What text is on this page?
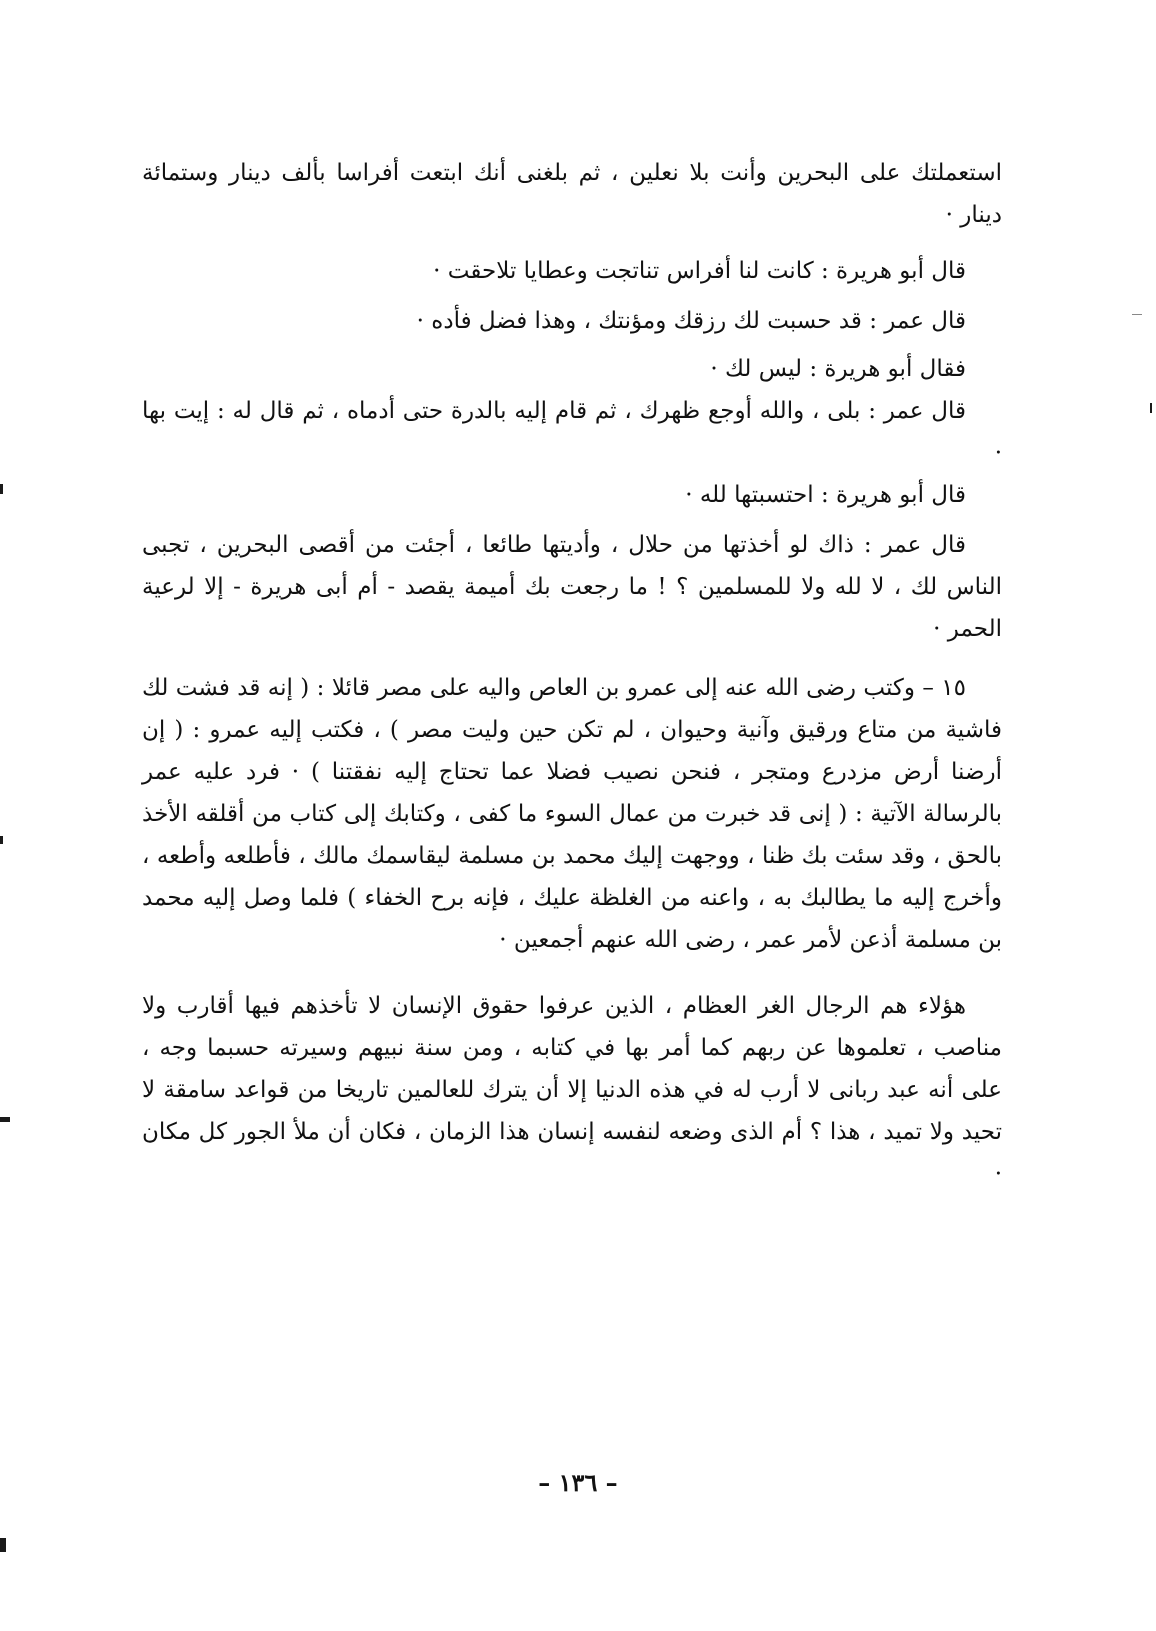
استعملتك على البحرين وأنت بلا نعلين ، ثم بلغنى أنك ابتعت أفراسا بألف دينار وستمائة دينار ·

قال أبو هريرة : كانت لنا أفراس تناتجت وعطايا تلاحقت ·

قال عمر : قد حسبت لك رزقك ومؤنتك ، وهذا فضل فأده ·

فقال أبو هريرة : ليس لك ·

قال عمر : بلى ، والله أوجع ظهرك ، ثم قام إليه بالدرة حتى أدماه ، ثم قال له : إيت بها ·

قال أبو هريرة : احتسبتها لله ·

قال عمر : ذاك لو أخذتها من حلال ، وأديتها طائعا ، أجئت من أقصى البحرين ، تجبى الناس لك ، لا لله ولا للمسلمين ؟ ! ما رجعت بك أميمة يقصد - أم أبى هريرة - إلا لرعية الحمر ·

١٥ – وكتب رضى الله عنه إلى عمرو بن العاص واليه على مصر قائلا : ( إنه قد فشت لك فاشية من متاع ورقيق وآنية وحيوان ، لم تكن حين وليت مصر ) ، فكتب إليه عمرو : ( إن أرضنا أرض مزدرع ومتجر ، فنحن نصيب فضلا عما تحتاج إليه نفقتنا ) · فرد عليه عمر بالرسالة الآتية : ( إنى قد خبرت من عمال السوء ما كفى ، وكتابك إلى كتاب من أقلقه الأخذ بالحق ، وقد سئت بك ظنا ، ووجهت إليك محمد بن مسلمة ليقاسمك مالك ، فأطلعه وأطعه ، وأخرج إليه ما يطالبك به ، واعنه من الغلظة عليك ، فإنه برح الخفاء ) فلما وصل إليه محمد بن مسلمة أذعن لأمر عمر ، رضى الله عنهم أجمعين ·

هؤلاء هم الرجال الغر العظام ، الذين عرفوا حقوق الإنسان لا تأخذهم فيها أقارب ولا مناصب ، تعلموها عن ربهم كما أمر بها في كتابه ، ومن سنة نبيهم وسيرته حسبما وجه ، على أنه عبد ربانى لا أرب له في هذه الدنيا إلا أن يترك للعالمين تاريخا من قواعد سامقة لا تحيد ولا تميد ، هذا ؟ أم الذى وضعه لنفسه إنسان هذا الزمان ، فكان أن ملأ الجور كل مكان ·

– ١٣٦ –
